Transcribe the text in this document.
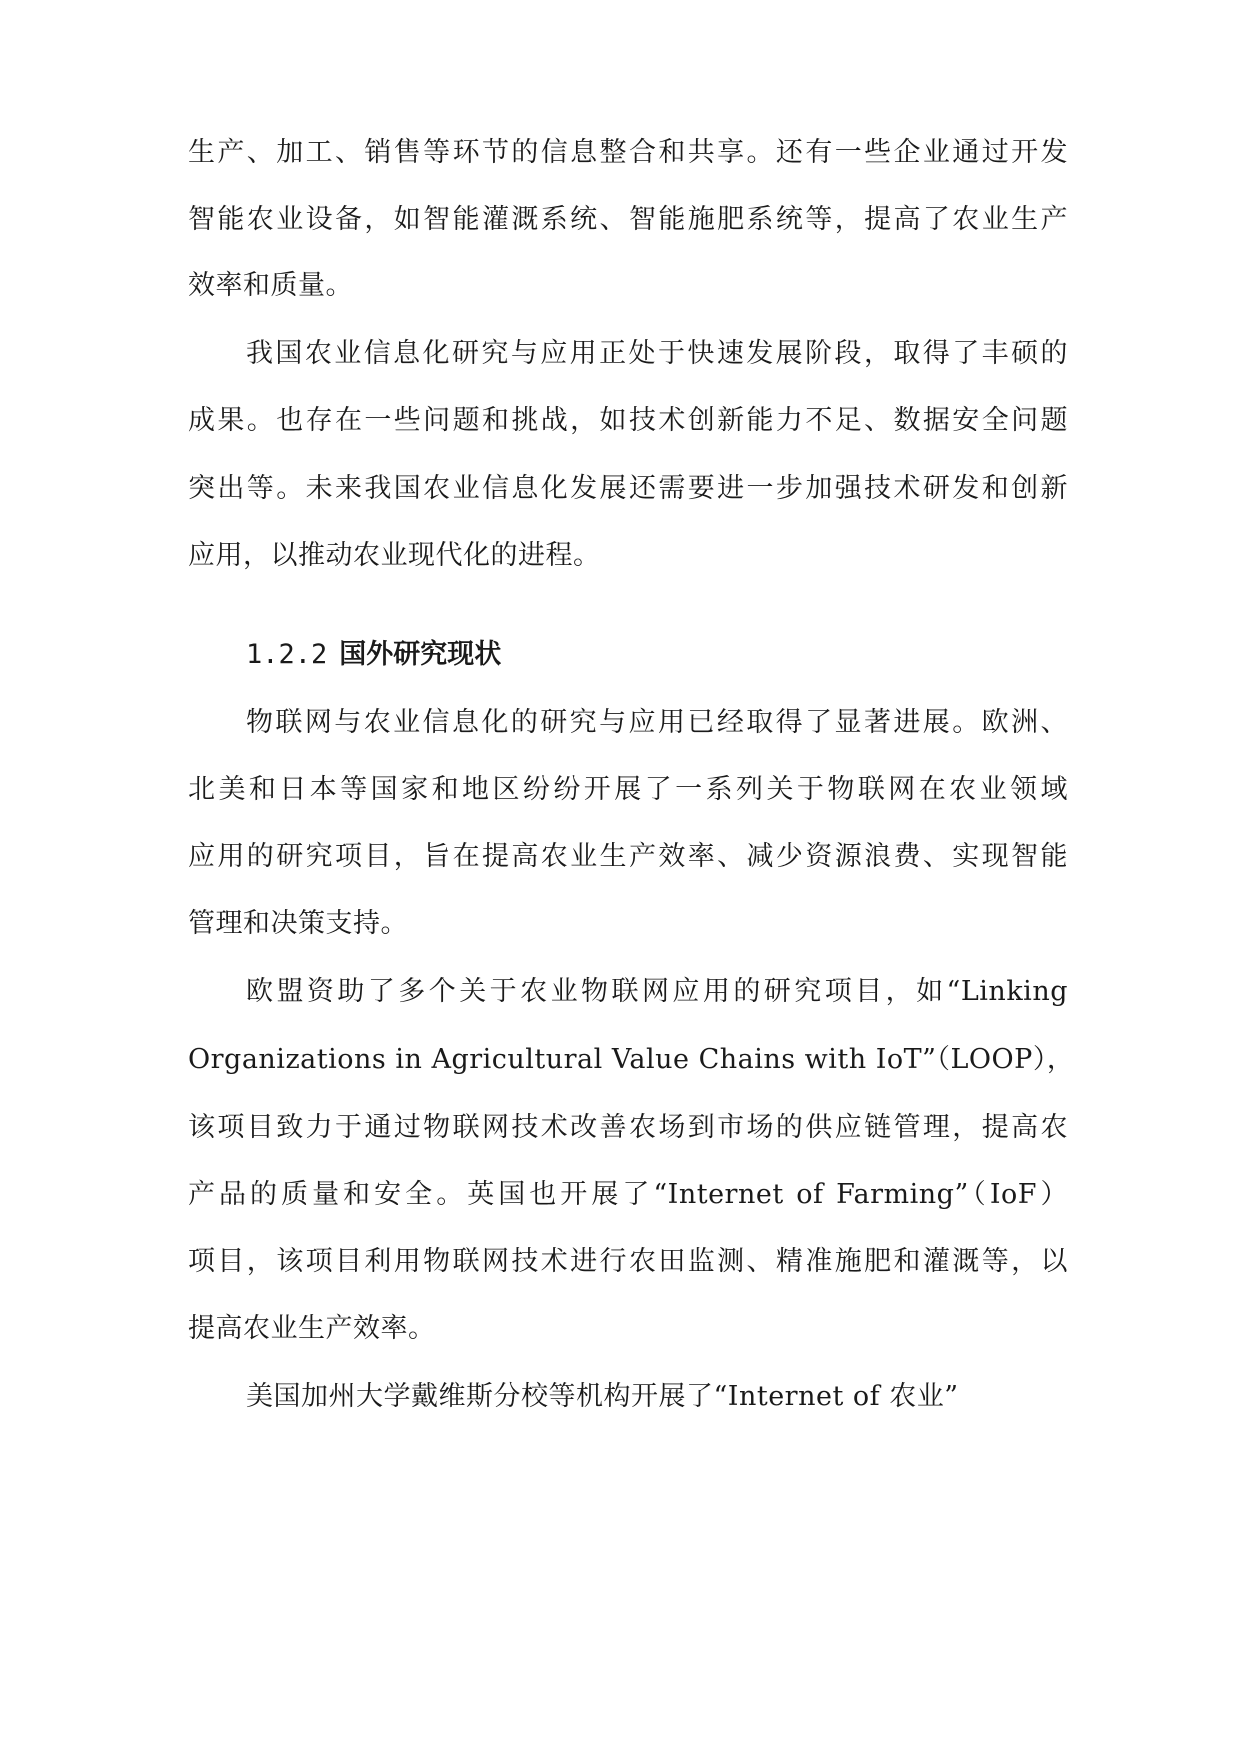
生产、加工、销售等环节的信息整合和共享。还有一些企业通过开发
智能农业设备，如智能灌溉系统、智能施肥系统等，提高了农业生产
效率和质量。
我国农业信息化研究与应用正处于快速发展阶段，取得了丰硕的
成果。也存在一些问题和挑战，如技术创新能力不足、数据安全问题
突出等。未来我国农业信息化发展还需要进一步加强技术研发和创新
应用，以推动农业现代化的进程。
1.2.2 国外研究现状
物联网与农业信息化的研究与应用已经取得了显著进展。欧洲、
北美和日本等国家和地区纷纷开展了一系列关于物联网在农业领域
应用的研究项目，旨在提高农业生产效率、减少资源浪费、实现智能
管理和决策支持。
欧盟资助了多个关于农业物联网应用的研究项目，如“Linking
Organizations in Agricultural Value Chains with IoT”（LOOP），
该项目致力于通过物联网技术改善农场到市场的供应链管理，提高农
产品的质量和安全。英国也开展了“Internet of Farming”（IoF）
项目，该项目利用物联网技术进行农田监测、精准施肥和灌溉等，以
提高农业生产效率。
美国加州大学戴维斯分校等机构开展了“Internet of 农业”
